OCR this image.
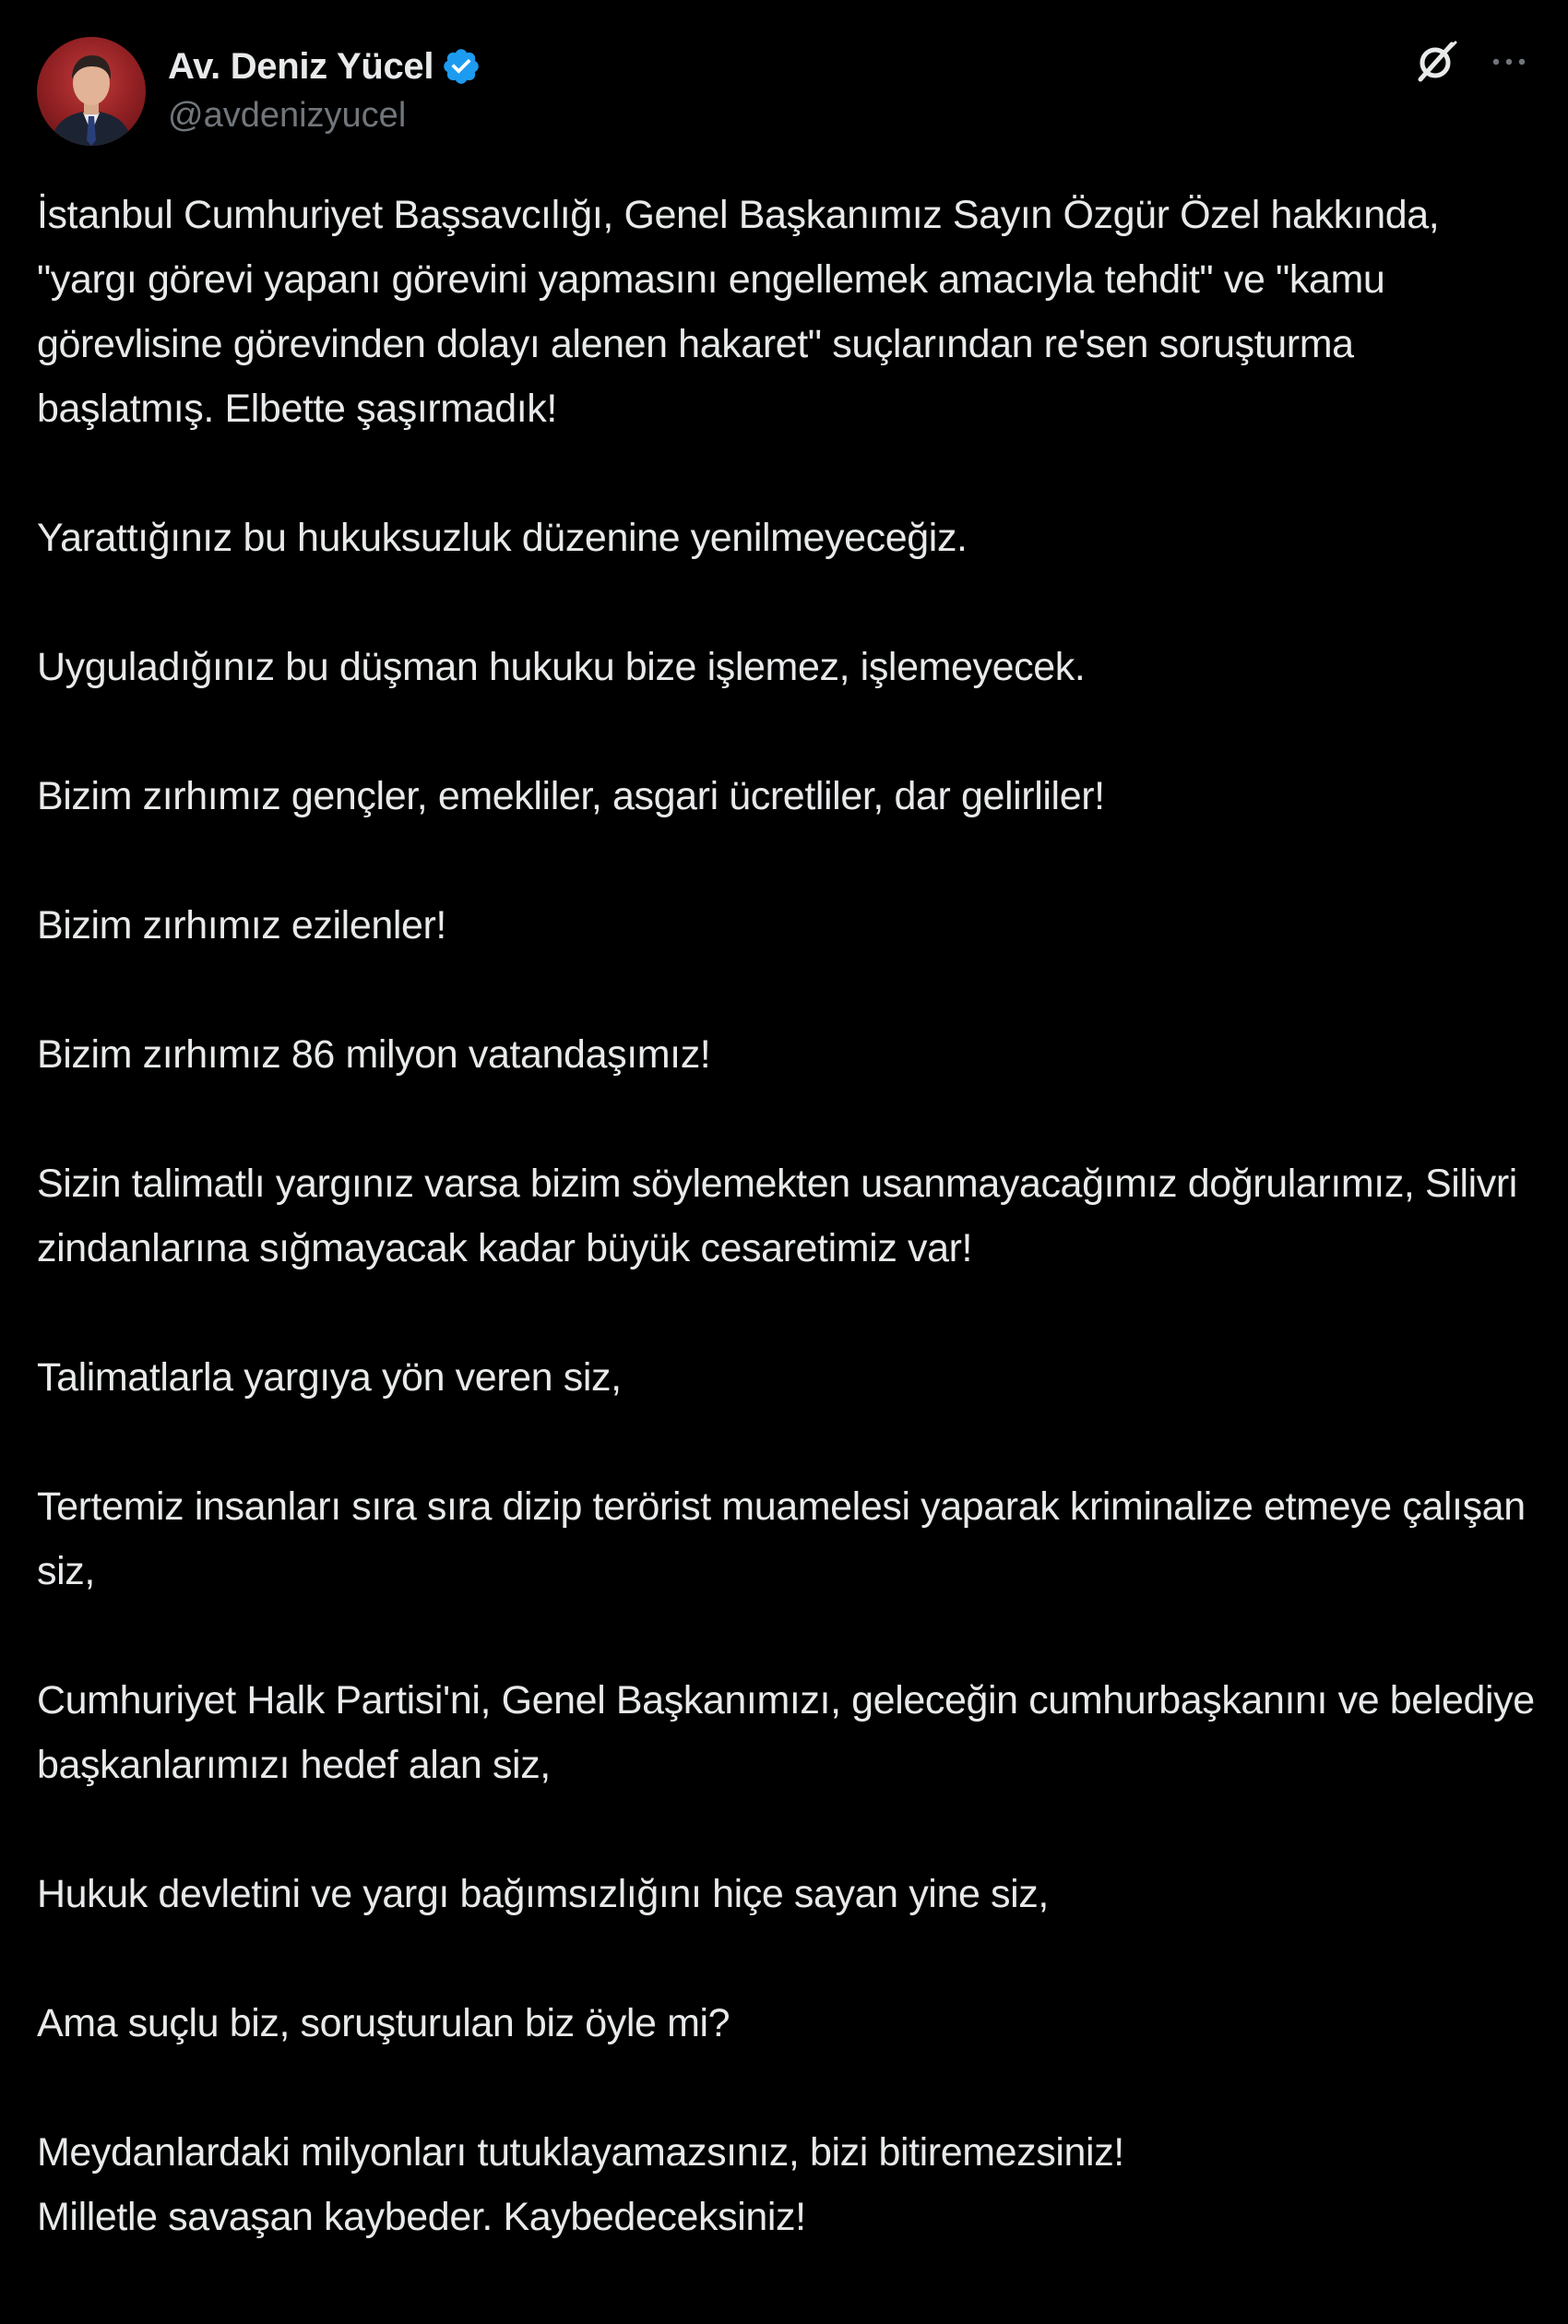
Av. Deniz Yücel
@avdenizyucel

İstanbul Cumhuriyet Başsavcılığı, Genel Başkanımız Sayın Özgür Özel hakkında, "yargı görevi yapanı görevini yapmasını engellemek amacıyla tehdit" ve "kamu görevlisine görevinden dolayı alenen hakaret" suçlarından re'sen soruşturma başlatmış. Elbette şaşırmadık!

Yarattığınız bu hukuksuzluk düzenine yenilmeyeceğiz.

Uyguladığınız bu düşman hukuku bize işlemez, işlemeyecek.

Bizim zırhımız gençler, emekliler, asgari ücretliler, dar gelirliler!

Bizim zırhımız ezilenler!

Bizim zırhımız 86 milyon vatandaşımız!

Sizin talimatlı yargınız varsa bizim söylemekten usanmayacağımız doğrularımız, Silivri zindanlarına sığmayacak kadar büyük cesaretimiz var!

Talimatlarla yargıya yön veren siz,

Tertemiz insanları sıra sıra dizip terörist muamelesi yaparak kriminalize etmeye çalışan siz,

Cumhuriyet Halk Partisi'ni, Genel Başkanımızı, geleceğin cumhurbaşkanını ve belediye başkanlarımızı hedef alan siz,

Hukuk devletini ve yargı bağımsızlığını hiçe sayan yine siz,

Ama suçlu biz, soruşturulan biz öyle mi?

Meydanlardaki milyonları tutuklayamazsınız, bizi bitiremezsiniz!
Milletle savaşan kaybeder. Kaybedeceksiniz!
